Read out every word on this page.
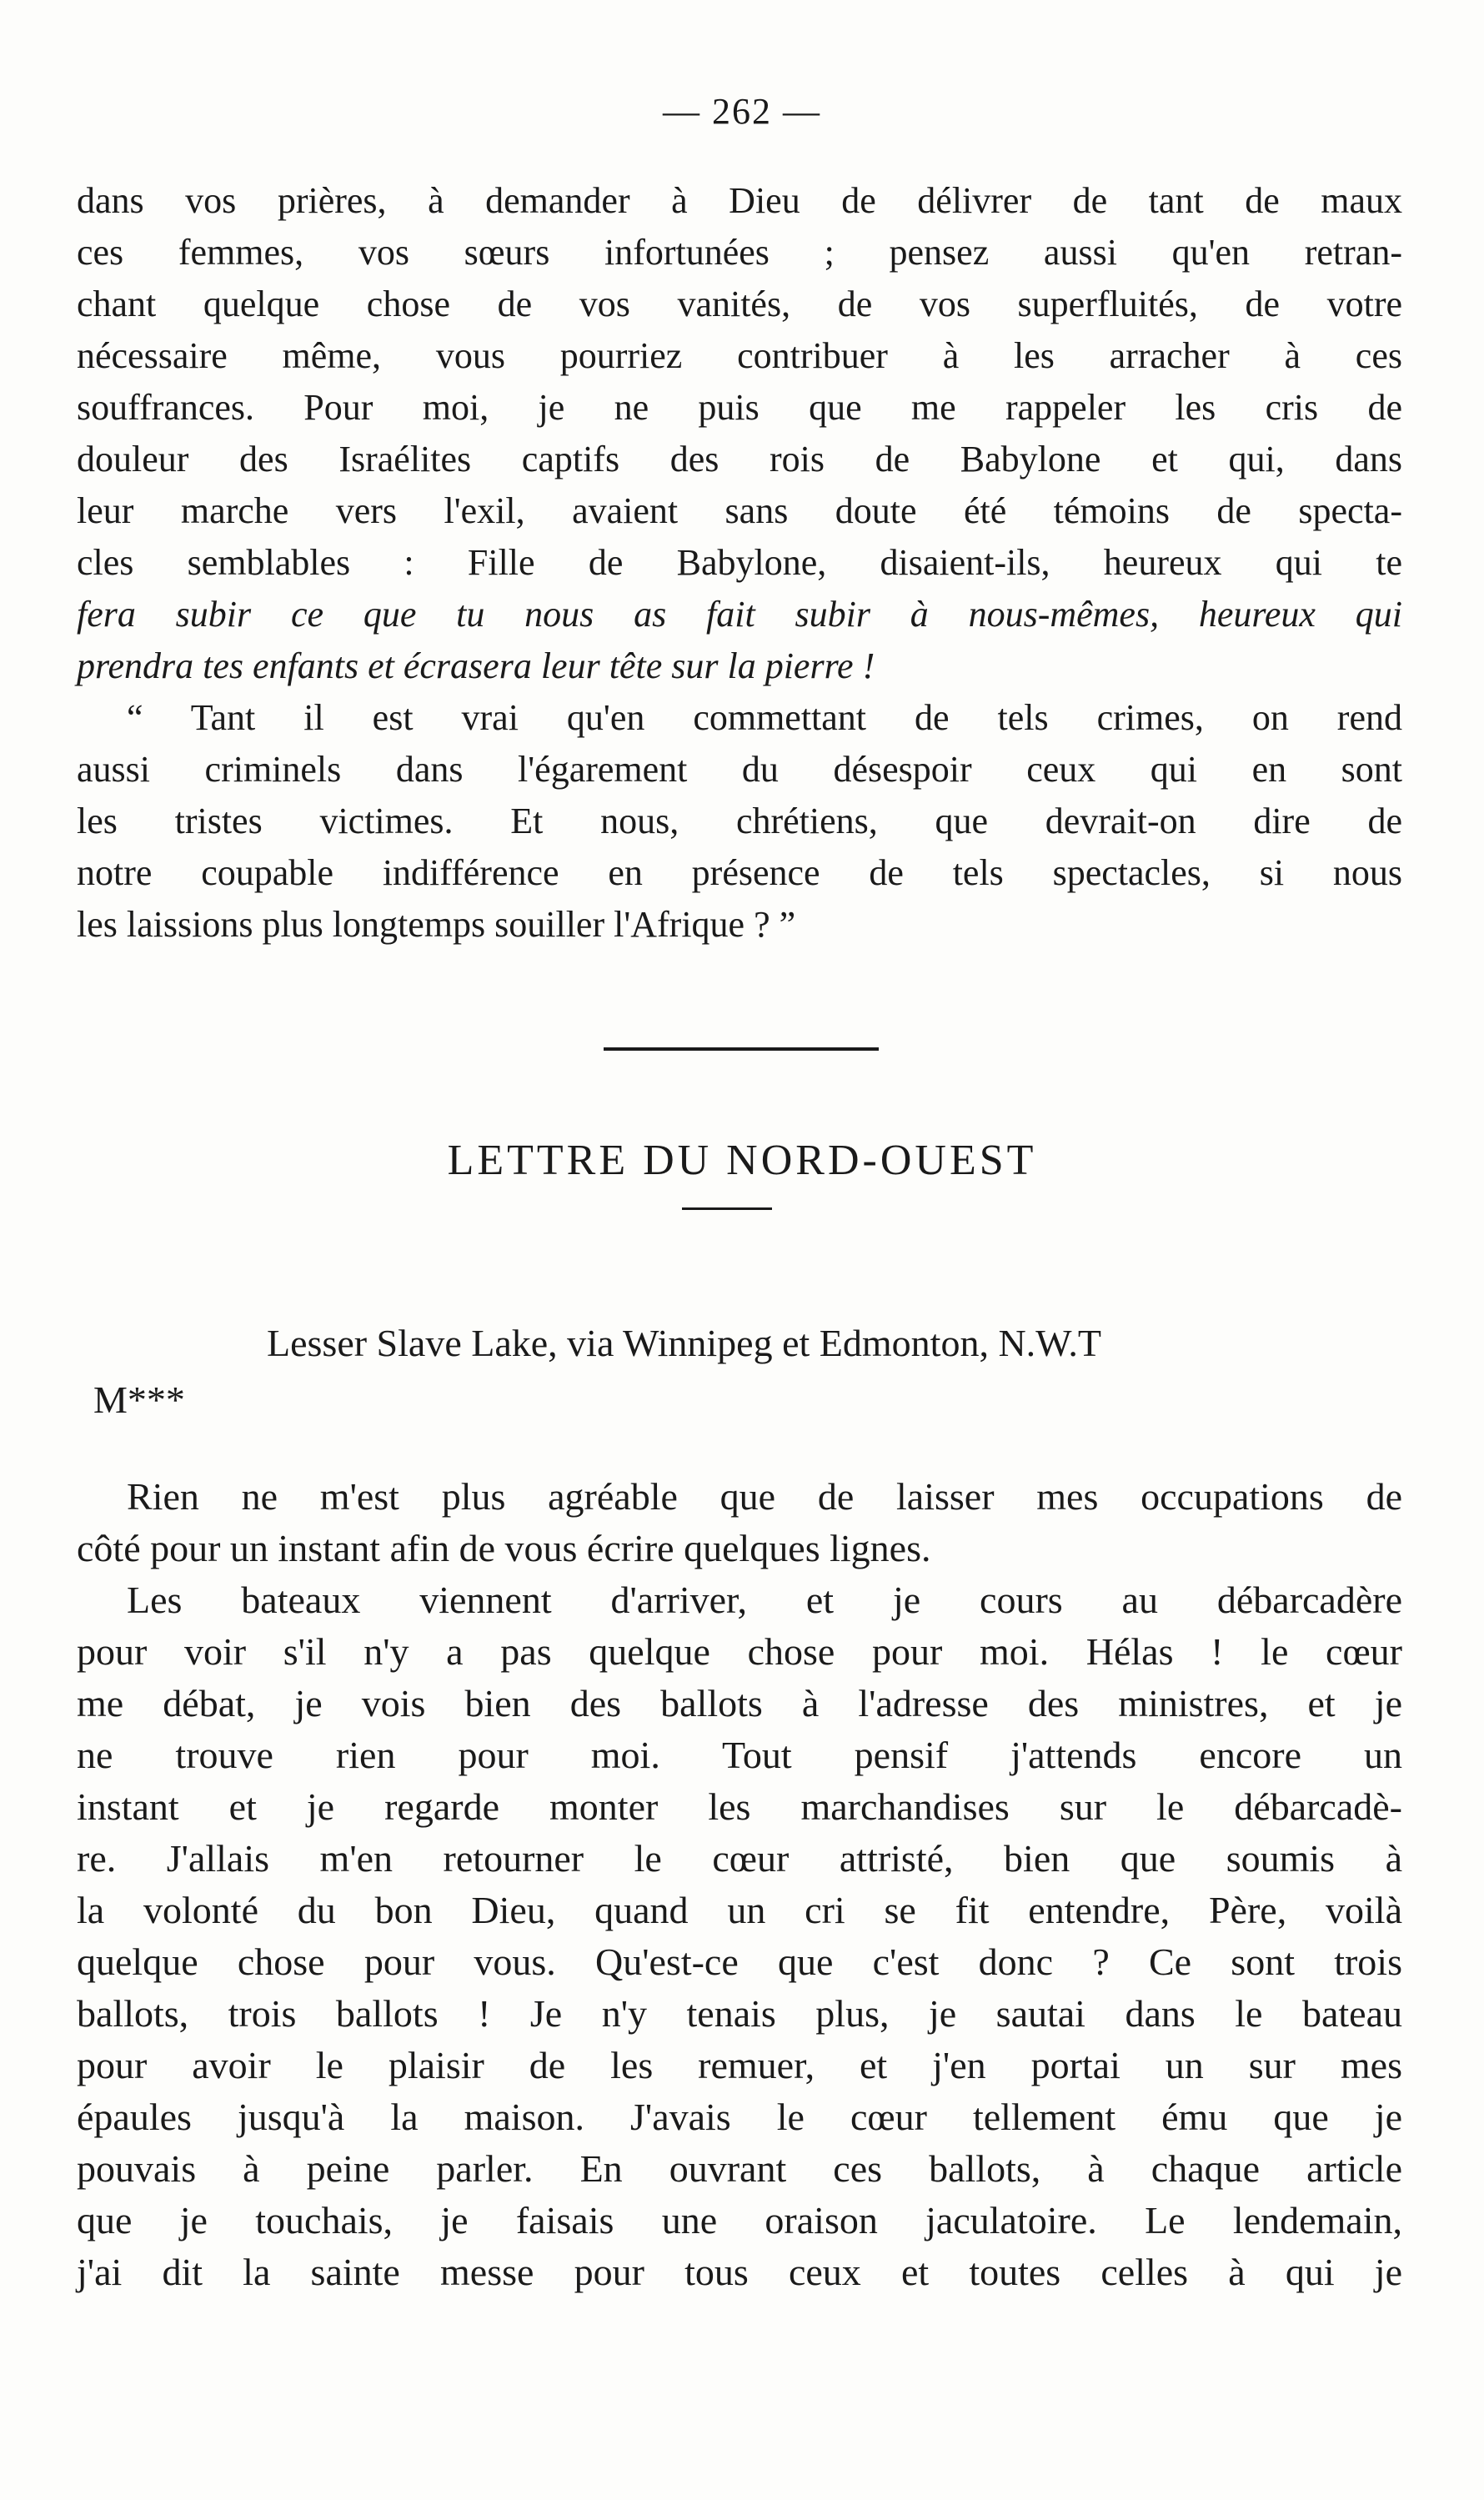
— 262 —
dans vos prières, à demander à Dieu de délivrer de tant de maux
ces femmes, vos sœurs infortunées ; pensez aussi qu'en retran-
chant quelque chose de vos vanités, de vos superfluités, de votre
nécessaire même, vous pourriez contribuer à les arracher à ces
souffrances. Pour moi, je ne puis que me rappeler les cris de
douleur des Israélites captifs des rois de Babylone et qui, dans
leur marche vers l'exil, avaient sans doute été témoins de specta-
cles semblables : Fille de Babylone, disaient-ils, heureux qui te
fera subir ce que tu nous as fait subir à nous-mêmes, heureux qui
prendra tes enfants et écrasera leur tête sur la pierre !
“ Tant il est vrai qu'en commettant de tels crimes, on rend
aussi criminels dans l'égarement du désespoir ceux qui en sont
les tristes victimes. Et nous, chrétiens, que devrait-on dire de
notre coupable indifférence en présence de tels spectacles, si nous
les laissions plus longtemps souiller l'Afrique ? ”
LETTRE DU NORD-OUEST
Lesser Slave Lake, via Winnipeg et Edmonton, N.W.T
M***
Rien ne m'est plus agréable que de laisser mes occupations de
côté pour un instant afin de vous écrire quelques lignes.
Les bateaux viennent d'arriver, et je cours au débarcadère
pour voir s'il n'y a pas quelque chose pour moi. Hélas ! le cœur
me débat, je vois bien des ballots à l'adresse des ministres, et je
ne trouve rien pour moi. Tout pensif j'attends encore un
instant et je regarde monter les marchandises sur le débarcadè-
re. J'allais m'en retourner le cœur attristé, bien que soumis à
la volonté du bon Dieu, quand un cri se fit entendre, Père, voilà
quelque chose pour vous. Qu'est-ce que c'est donc ? Ce sont trois
ballots, trois ballots ! Je n'y tenais plus, je sautai dans le bateau
pour avoir le plaisir de les remuer, et j'en portai un sur mes
épaules jusqu'à la maison. J'avais le cœur tellement ému que je
pouvais à peine parler. En ouvrant ces ballots, à chaque article
que je touchais, je faisais une oraison jaculatoire. Le lendemain,
j'ai dit la sainte messe pour tous ceux et toutes celles à qui je
